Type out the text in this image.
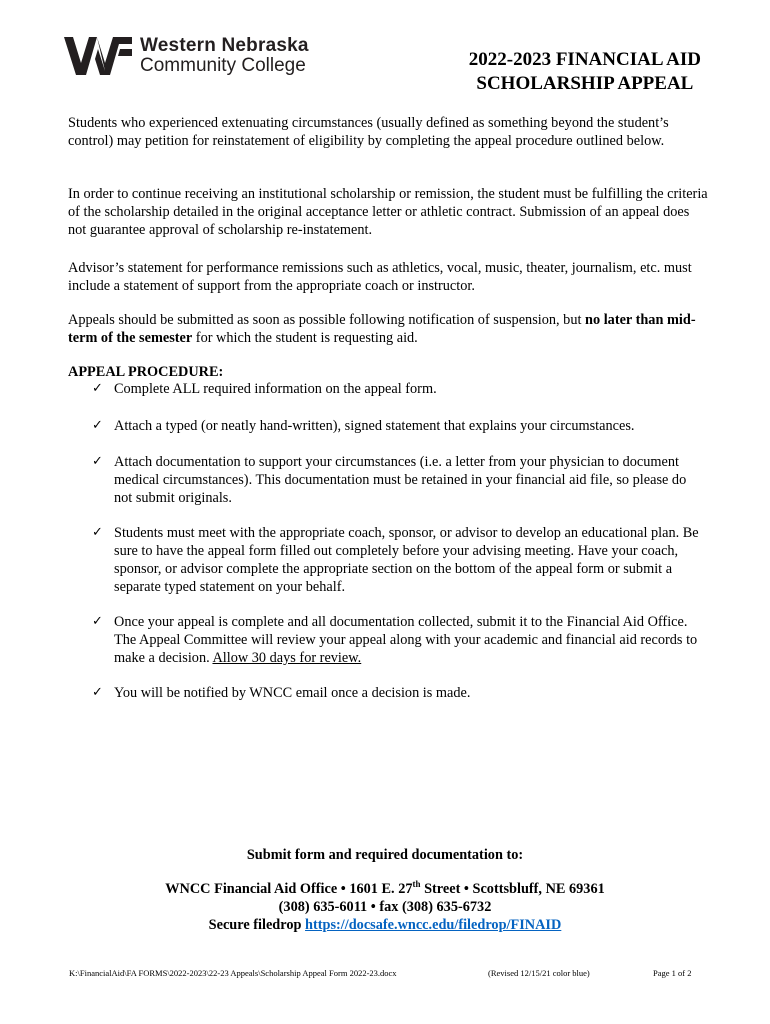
Western Nebraska
Community College	2022-2023 FINANCIAL AID
SCHOLARSHIP APPEAL

Students who experienced extenuating circumstances (usually defined as something beyond the student’s control) may petition for reinstatement of eligibility by completing the appeal procedure outlined below.

In order to continue receiving an institutional scholarship or remission, the student must be fulfilling the criteria of the scholarship detailed in the original acceptance letter or athletic contract. Submission of an appeal does not guarantee approval of scholarship re-instatement.

Advisor’s statement for performance remissions such as athletics, vocal, music, theater, journalism, etc. must include a statement of support from the appropriate coach or instructor.

Appeals should be submitted as soon as possible following notification of suspension, but no later than mid-term of the semester for which the student is requesting aid.

APPEAL PROCEDURE:
✓ Complete ALL required information on the appeal form.
✓ Attach a typed (or neatly hand-written), signed statement that explains your circumstances.
✓ Attach documentation to support your circumstances (i.e. a letter from your physician to document medical circumstances). This documentation must be retained in your financial aid file, so please do not submit originals.
✓ Students must meet with the appropriate coach, sponsor, or advisor to develop an educational plan. Be sure to have the appeal form filled out completely before your advising meeting. Have your coach, sponsor, or advisor complete the appropriate section on the bottom of the appeal form or submit a separate typed statement on your behalf.
✓ Once your appeal is complete and all documentation collected, submit it to the Financial Aid Office. The Appeal Committee will review your appeal along with your academic and financial aid records to make a decision. Allow 30 days for review.
✓ You will be notified by WNCC email once a decision is made.
Submit form and required documentation to:
WNCC Financial Aid Office • 1601 E. 27th Street • Scottsbluff, NE 69361
(308) 635-6011 • fax (308) 635-6732
Secure filedrop https://docsafe.wncc.edu/filedrop/FINAID
K:\FinancialAid\FA FORMS\2022-2023\22-23 Appeals\Scholarship Appeal Form 2022-23.docx	(Revised 12/15/21 color blue)	Page 1 of 2
